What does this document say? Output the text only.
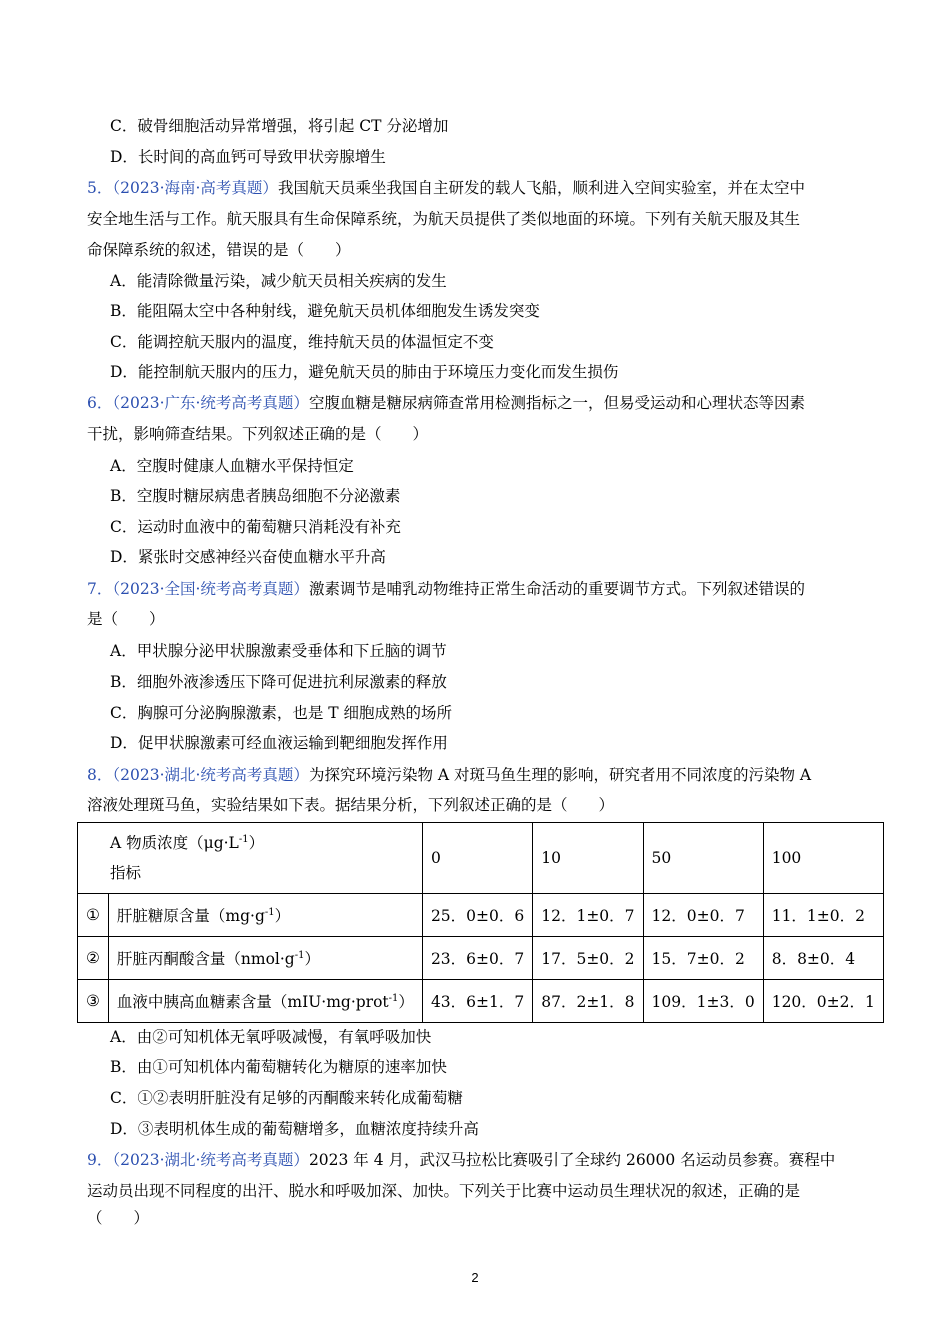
C．破骨细胞活动异常增强，将引起 CT 分泌增加
D．长时间的高血钙可导致甲状旁腺增生
5．（2023·海南·高考真题）我国航天员乘坐我国自主研发的载人飞船，顺利进入空间实验室，并在太空中
安全地生活与工作。航天服具有生命保障系统，为航天员提供了类似地面的环境。下列有关航天服及其生
命保障系统的叙述，错误的是（　　）
A．能清除微量污染，减少航天员相关疾病的发生
B．能阻隔太空中各种射线，避免航天员机体细胞发生诱发突变
C．能调控航天服内的温度，维持航天员的体温恒定不变
D．能控制航天服内的压力，避免航天员的肺由于环境压力变化而发生损伤
6．（2023·广东·统考高考真题）空腹血糖是糖尿病筛查常用检测指标之一，但易受运动和心理状态等因素
干扰，影响筛查结果。下列叙述正确的是（　　）
A．空腹时健康人血糖水平保持恒定
B．空腹时糖尿病患者胰岛细胞不分泌激素
C．运动时血液中的葡萄糖只消耗没有补充
D．紧张时交感神经兴奋使血糖水平升高
7．（2023·全国·统考高考真题）激素调节是哺乳动物维持正常生命活动的重要调节方式。下列叙述错误的
是（　　）
A．甲状腺分泌甲状腺激素受垂体和下丘脑的调节
B．细胞外液渗透压下降可促进抗利尿激素的释放
C．胸腺可分泌胸腺激素，也是 T 细胞成熟的场所
D．促甲状腺激素可经血液运输到靶细胞发挥作用
8．（2023·湖北·统考高考真题）为探究环境污染物 A 对斑马鱼生理的影响，研究者用不同浓度的污染物 A
溶液处理斑马鱼，实验结果如下表。据结果分析，下列叙述正确的是（　　）
A 物质浓度$(\mu g\cdot L^{-1})$
指标		0	10	50	100
①	肝脏糖原含量$(mg\cdot g^{-1})$	25．0±0．6	12．1±0．7	12．0±0．7	11．1±0．2
②	肝脏丙酮酸含量$(nmol\cdot g^{-1})$	23．6±0．7	17．5±0．2	15．7±0．2	8．8±0．4
③	血液中胰高血糖素含量（mIU·mg·prot$^{-1}$）	43．6±1．7	87．2±1．8	109．1±3．0	120．0±2．1
A．由②可知机体无氧呼吸减慢，有氧呼吸加快
B．由①可知机体内葡萄糖转化为糖原的速率加快
C．①②表明肝脏没有足够的丙酮酸来转化成葡萄糖
D．③表明机体生成的葡萄糖增多，血糖浓度持续升高
9．（2023·湖北·统考高考真题）2023 年 4 月，武汉马拉松比赛吸引了全球约 26000 名运动员参赛。赛程中
运动员出现不同程度的出汗、脱水和呼吸加深、加快。下列关于比赛中运动员生理状况的叙述，正确的是
（　　）
2
